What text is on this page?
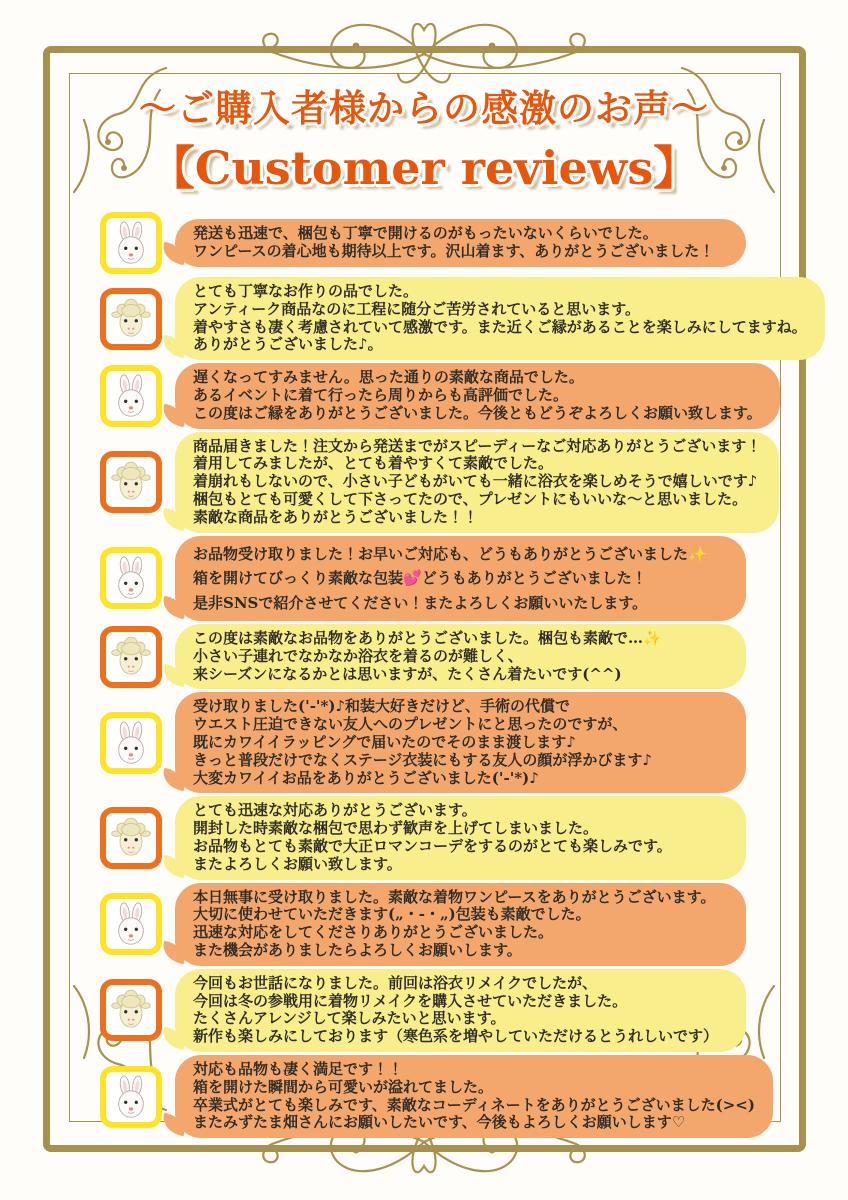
〜ご購入者様からの感激のお声〜
【Customer reviews】
発送も迅速で、梱包も丁寧で開けるのがもったいないくらいでした。
ワンピースの着心地も期待以上です。沢山着ます、ありがとうございました！
とても丁寧なお作りの品でした。
アンティーク商品なのに工程に随分ご苦労されていると思います。
着やすさも凄く考慮されていて感激です。また近くご縁があることを楽しみにしてますね。
ありがとうございました♪。
遅くなってすみません。思った通りの素敵な商品でした。
あるイベントに着て行ったら周りからも高評価でした。
この度はご縁をありがとうございました。今後ともどうぞよろしくお願い致します。
商品届きました！注文から発送までがスピーディーなご対応ありがとうございます！
着用してみましたが、とても着やすくて素敵でした。
着崩れもしないので、小さい子どもがいても一緒に浴衣を楽しめそうで嬉しいです♪
梱包もとても可愛くして下さってたので、プレゼントにもいいな〜と思いました。
素敵な商品をありがとうございました！！
お品物受け取りました！お早いご対応も、どうもありがとうございました✨
箱を開けてびっくり素敵な包装💕どうもありがとうございました！
是非SNSで紹介させてください！またよろしくお願いいたします。
この度は素敵なお品物をありがとうございました。梱包も素敵で…✨
小さい子連れでなかなか浴衣を着るのが難しく、
来シーズンになるかとは思いますが、たくさん着たいです(^^)
受け取りました('-'*)♪和装大好きだけど、手術の代償で
ウエスト圧迫できない友人へのプレゼントにと思ったのですが、
既にカワイイラッピングで届いたのでそのまま渡します♪
きっと普段だけでなくステージ衣装にもする友人の顔が浮かびます♪
大変カワイイお品をありがとうございました('-'*)♪
とても迅速な対応ありがとうございます。
開封した時素敵な梱包で思わず歓声を上げてしまいました。
お品物もとても素敵で大正ロマンコーデをするのがとても楽しみです。
またよろしくお願い致します。
本日無事に受け取りました。素敵な着物ワンピースをありがとうございます。
大切に使わせていただきます(„・‐・„)包装も素敵でした。
迅速な対応をしてくださりありがとうございました。
また機会がありましたらよろしくお願いします。
今回もお世話になりました。前回は浴衣リメイクでしたが、
今回は冬の参戦用に着物リメイクを購入させていただきました。
たくさんアレンジして楽しみたいと思います。
新作も楽しみにしております（寒色系を増やしていただけるとうれしいです）
対応も品物も凄く満足です！！
箱を開けた瞬間から可愛いが溢れてました。
卒業式がとても楽しみです、素敵なコーディネートをありがとうございました(><)
またみずたま畑さんにお願いしたいです、今後もよろしくお願いします♡
